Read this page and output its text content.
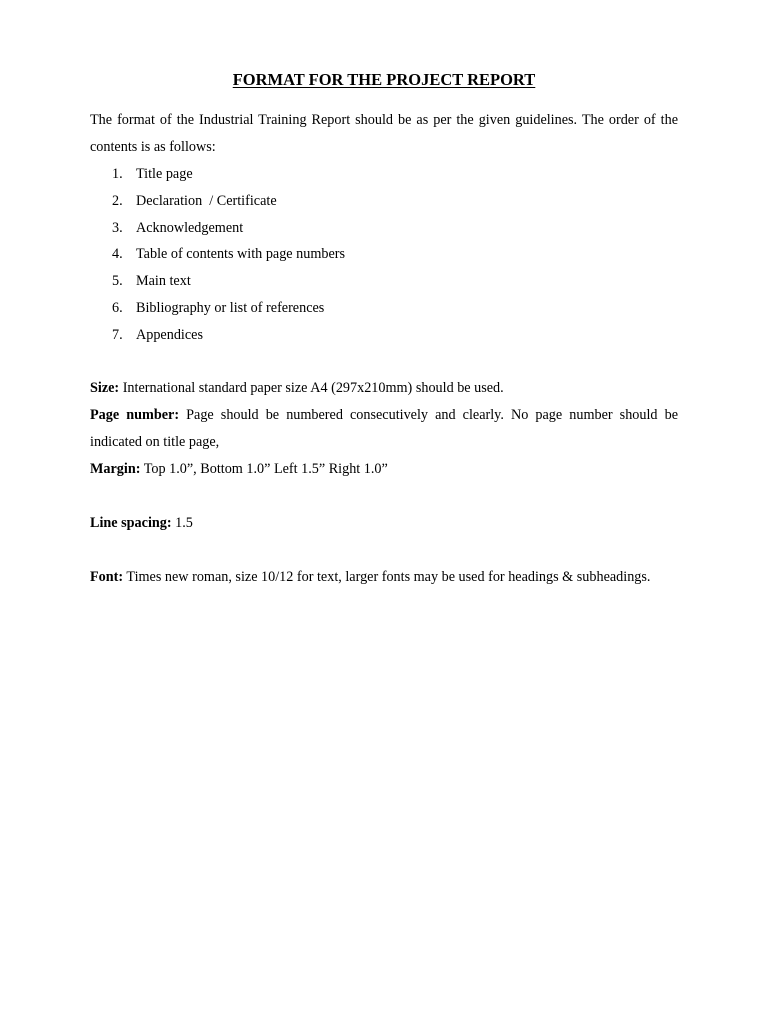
FORMAT FOR THE PROJECT REPORT

The format of the Industrial Training Report should be as per the given guidelines. The order of the contents is as follows:

1. Title page
2. Declaration  / Certificate
3. Acknowledgement
4. Table of contents with page numbers
5. Main text
6. Bibliography or list of references
7. Appendices

Size: International standard paper size A4 (297x210mm) should be used.

Page number: Page should be numbered consecutively and clearly. No page number should be indicated on title page,

Margin: Top 1.0”, Bottom 1.0” Left 1.5” Right 1.0”

Line spacing: 1.5

Font: Times new roman, size 10/12 for text, larger fonts may be used for headings & subheadings.
